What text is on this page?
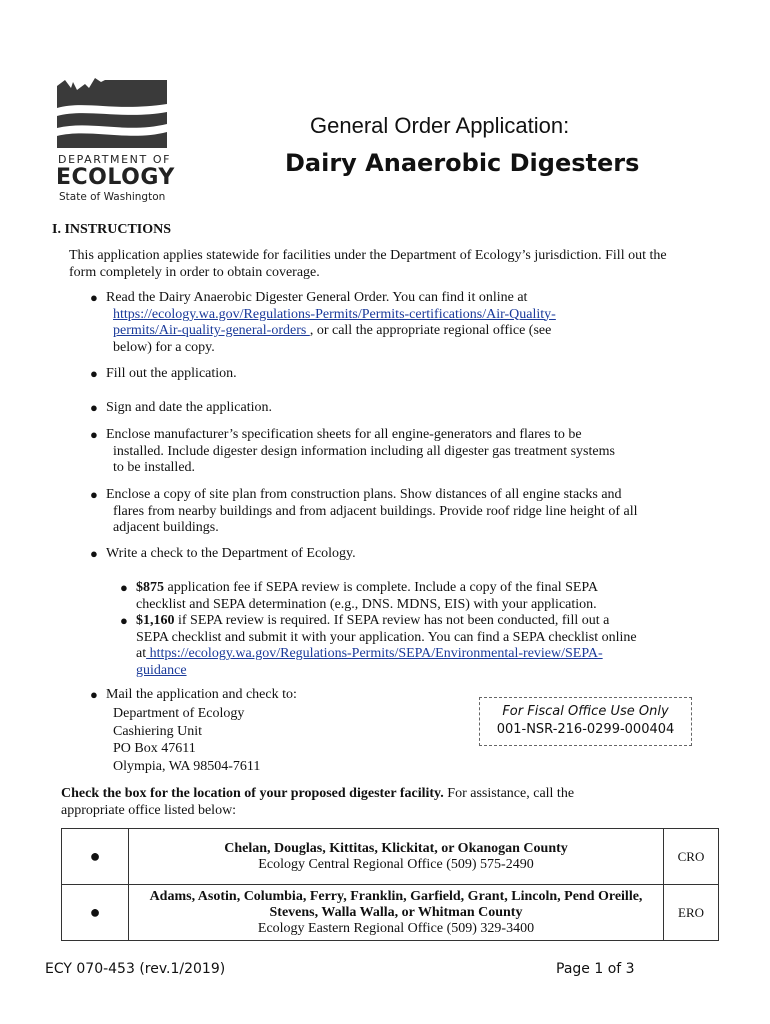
DEPARTMENT OF
ECOLOGY
State of Washington
General Order Application:
Dairy Anaerobic Digesters
I. INSTRUCTIONS
This application applies statewide for facilities under the Department of Ecology’s jurisdiction. Fill out the
form completely in order to obtain coverage.
● Read the Dairy Anaerobic Digester General Order. You can find it online at
https://ecology.wa.gov/Regulations-Permits/Permits-certifications/Air-Quality-
permits/Air-quality-general-orders , or call the appropriate regional office (see
below) for a copy.
● Fill out the application.
● Sign and date the application.
● Enclose manufacturer’s specification sheets for all engine-generators and flares to be
installed. Include digester design information including all digester gas treatment systems
to be installed.
● Enclose a copy of site plan from construction plans. Show distances of all engine stacks and
flares from nearby buildings and from adjacent buildings. Provide roof ridge line height of all
adjacent buildings.
● Write a check to the Department of Ecology.
● $875 application fee if SEPA review is complete. Include a copy of the final SEPA
checklist and SEPA determination (e.g., DNS. MDNS, EIS) with your application.
● $1,160 if SEPA review is required. If SEPA review has not been conducted, fill out a
SEPA checklist and submit it with your application. You can find a SEPA checklist online
at https://ecology.wa.gov/Regulations-Permits/SEPA/Environmental-review/SEPA-
guidance
● Mail the application and check to:
Department of Ecology
Cashiering Unit
PO Box 47611
Olympia, WA 98504-7611
For Fiscal Office Use Only
001-NSR-216-0299-000404
Check the box for the location of your proposed digester facility. For assistance, call the
appropriate office listed below:
●	Chelan, Douglas, Kittitas, Klickitat, or Okanogan County
Ecology Central Regional Office (509) 575-2490	CRO
●	Adams, Asotin, Columbia, Ferry, Franklin, Garfield, Grant, Lincoln, Pend Oreille,
Stevens, Walla Walla, or Whitman County
Ecology Eastern Regional Office (509) 329-3400	ERO
ECY 070-453 (rev.1/2019)	Page 1 of 3
